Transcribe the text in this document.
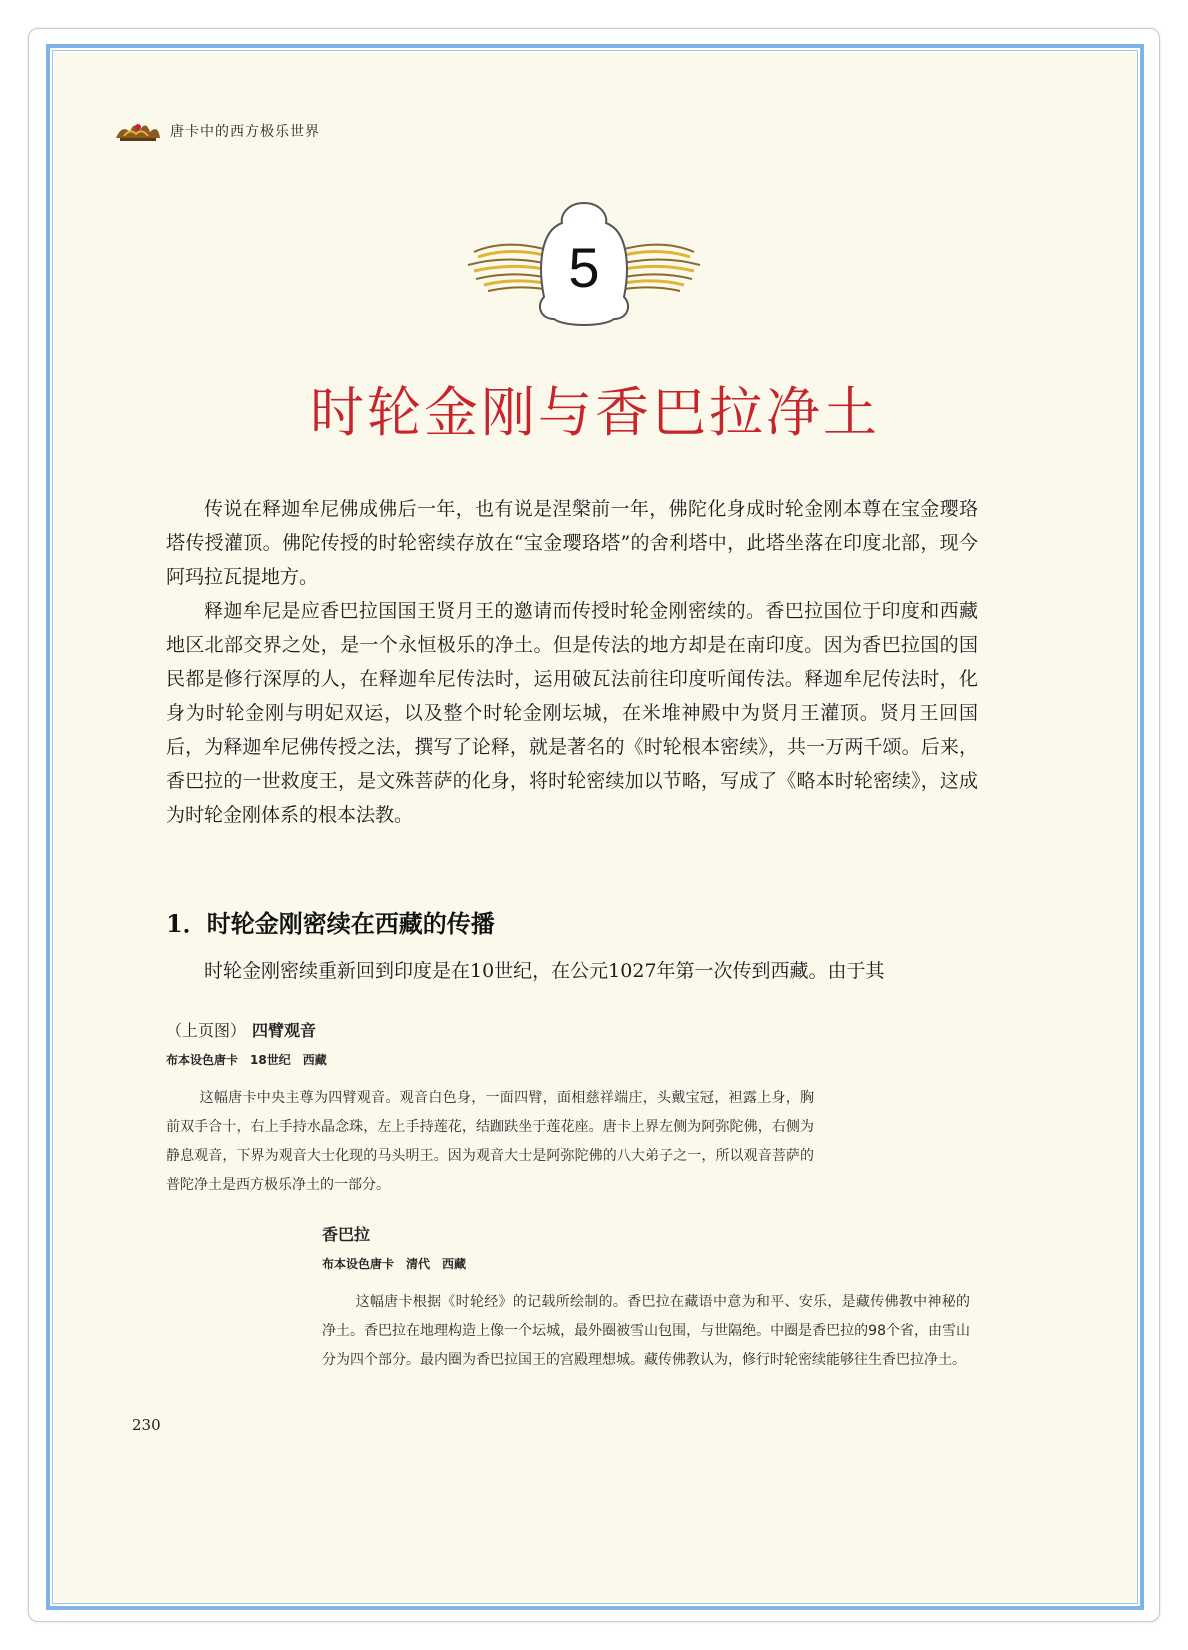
唐卡中的西方极乐世界
5
时轮金刚与香巴拉净土

传说在释迦牟尼佛成佛后一年，也有说是涅槃前一年，佛陀化身成时轮金刚本尊在宝金璎珞塔传授灌顶。佛陀传授的时轮密续存放在“宝金璎珞塔”的舍利塔中，此塔坐落在印度北部，现今阿玛拉瓦提地方。

释迦牟尼是应香巴拉国国王贤月王的邀请而传授时轮金刚密续的。香巴拉国位于印度和西藏地区北部交界之处，是一个永恒极乐的净土。但是传法的地方却是在南印度。因为香巴拉国的国民都是修行深厚的人，在释迦牟尼传法时，运用破瓦法前往印度听闻传法。释迦牟尼传法时，化身为时轮金刚与明妃双运，以及整个时轮金刚坛城，在米堆神殿中为贤月王灌顶。贤月王回国后，为释迦牟尼佛传授之法，撰写了论释，就是著名的《时轮根本密续》，共一万两千颂。后来，香巴拉的一世救度王，是文殊菩萨的化身，将时轮密续加以节略，写成了《略本时轮密续》，这成为时轮金刚体系的根本法教。

1．时轮金刚密续在西藏的传播

时轮金刚密续重新回到印度是在10世纪，在公元1027年第一次传到西藏。由于其

（上页图） 四臂观音
布本设色唐卡　18世纪　西藏

这幅唐卡中央主尊为四臂观音。观音白色身，一面四臂，面相慈祥端庄，头戴宝冠，袒露上身，胸前双手合十，右上手持水晶念珠，左上手持莲花，结跏趺坐于莲花座。唐卡上界左侧为阿弥陀佛，右侧为静息观音，下界为观音大士化现的马头明王。因为观音大士是阿弥陀佛的八大弟子之一，所以观音菩萨的普陀净土是西方极乐净土的一部分。

香巴拉
布本设色唐卡　清代　西藏

这幅唐卡根据《时轮经》的记载所绘制的。香巴拉在藏语中意为和平、安乐，是藏传佛教中神秘的净土。香巴拉在地理构造上像一个坛城，最外圈被雪山包围，与世隔绝。中圈是香巴拉的98个省，由雪山分为四个部分。最内圈为香巴拉国王的宫殿理想城。藏传佛教认为，修行时轮密续能够往生香巴拉净土。

230
